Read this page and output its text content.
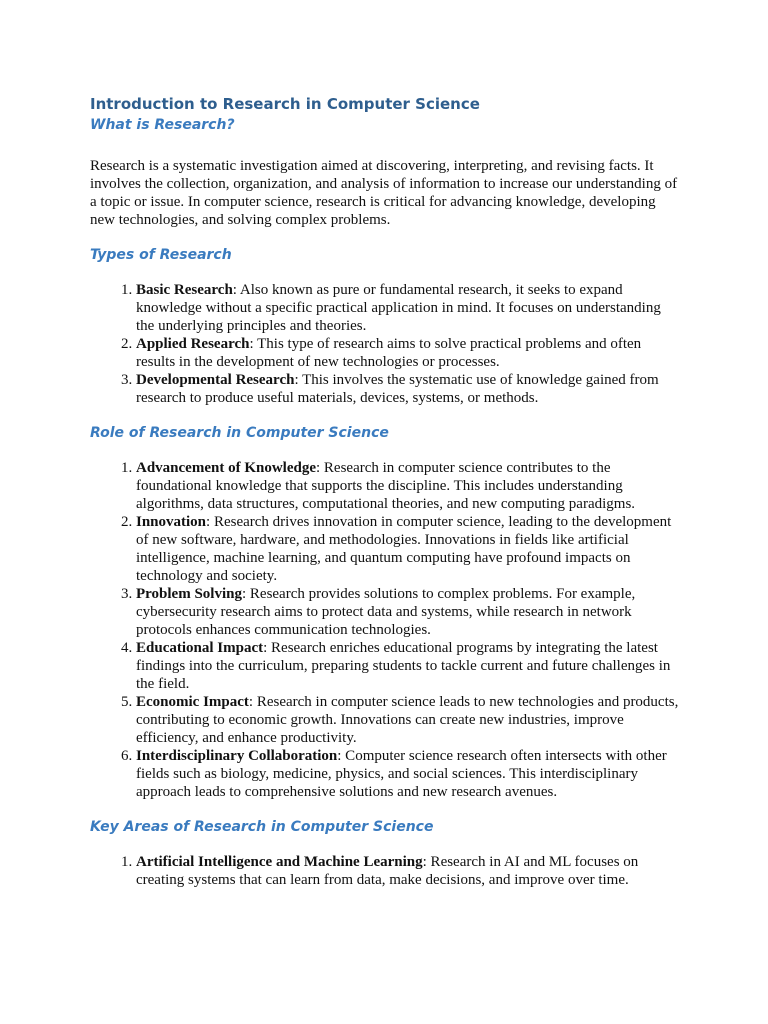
Introduction to Research in Computer Science
What is Research?

Research is a systematic investigation aimed at discovering, interpreting, and revising facts. It involves the collection, organization, and analysis of information to increase our understanding of a topic or issue. In computer science, research is critical for advancing knowledge, developing new technologies, and solving complex problems.

Types of Research
1. Basic Research: Also known as pure or fundamental research, it seeks to expand knowledge without a specific practical application in mind. It focuses on understanding the underlying principles and theories.
2. Applied Research: This type of research aims to solve practical problems and often results in the development of new technologies or processes.
3. Developmental Research: This involves the systematic use of knowledge gained from research to produce useful materials, devices, systems, or methods.
Role of Research in Computer Science
1. Advancement of Knowledge: Research in computer science contributes to the foundational knowledge that supports the discipline. This includes understanding algorithms, data structures, computational theories, and new computing paradigms.
2. Innovation: Research drives innovation in computer science, leading to the development of new software, hardware, and methodologies. Innovations in fields like artificial intelligence, machine learning, and quantum computing have profound impacts on technology and society.
3. Problem Solving: Research provides solutions to complex problems. For example, cybersecurity research aims to protect data and systems, while research in network protocols enhances communication technologies.
4. Educational Impact: Research enriches educational programs by integrating the latest findings into the curriculum, preparing students to tackle current and future challenges in the field.
5. Economic Impact: Research in computer science leads to new technologies and products, contributing to economic growth. Innovations can create new industries, improve efficiency, and enhance productivity.
6. Interdisciplinary Collaboration: Computer science research often intersects with other fields such as biology, medicine, physics, and social sciences. This interdisciplinary approach leads to comprehensive solutions and new research avenues.
Key Areas of Research in Computer Science
1. Artificial Intelligence and Machine Learning: Research in AI and ML focuses on creating systems that can learn from data, make decisions, and improve over time.
